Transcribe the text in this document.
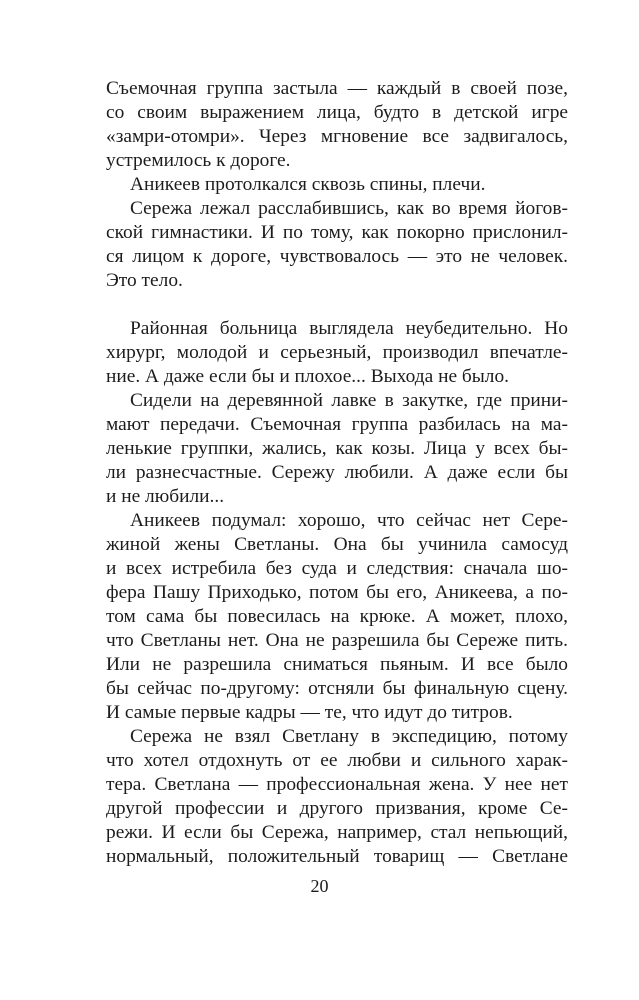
Съемочная группа застыла — каждый в своей позе,
со своим выражением лица, будто в детской игре
«замри-отомри». Через мгновение все задвигалось,
устремилось к дороге.
Аникеев протолкался сквозь спины, плечи.
Сережа лежал расслабившись, как во время йогов-
ской гимнастики. И по тому, как покорно прислонил-
ся лицом к дороге, чувствовалось — это не человек.
Это тело.
Районная больница выглядела неубедительно. Но
хирург, молодой и серьезный, производил впечатле-
ние. А даже если бы и плохое... Выхода не было.
Сидели на деревянной лавке в закутке, где прини-
мают передачи. Съемочная группа разбилась на ма-
ленькие группки, жались, как козы. Лица у всех бы-
ли разнесчастные. Сережу любили. А даже если бы
и не любили...
Аникеев подумал: хорошо, что сейчас нет Сере-
жиной жены Светланы. Она бы учинила самосуд
и всех истребила без суда и следствия: сначала шо-
фера Пашу Приходько, потом бы его, Аникеева, а по-
том сама бы повесилась на крюке. А может, плохо,
что Светланы нет. Она не разрешила бы Сереже пить.
Или не разрешила сниматься пьяным. И все было
бы сейчас по-другому: отсняли бы финальную сцену.
И самые первые кадры — те, что идут до титров.
Сережа не взял Светлану в экспедицию, потому
что хотел отдохнуть от ее любви и сильного харак-
тера. Светлана — профессиональная жена. У нее нет
другой профессии и другого призвания, кроме Се-
режи. И если бы Сережа, например, стал непьющий,
нормальный, положительный товарищ — Светлане
20
